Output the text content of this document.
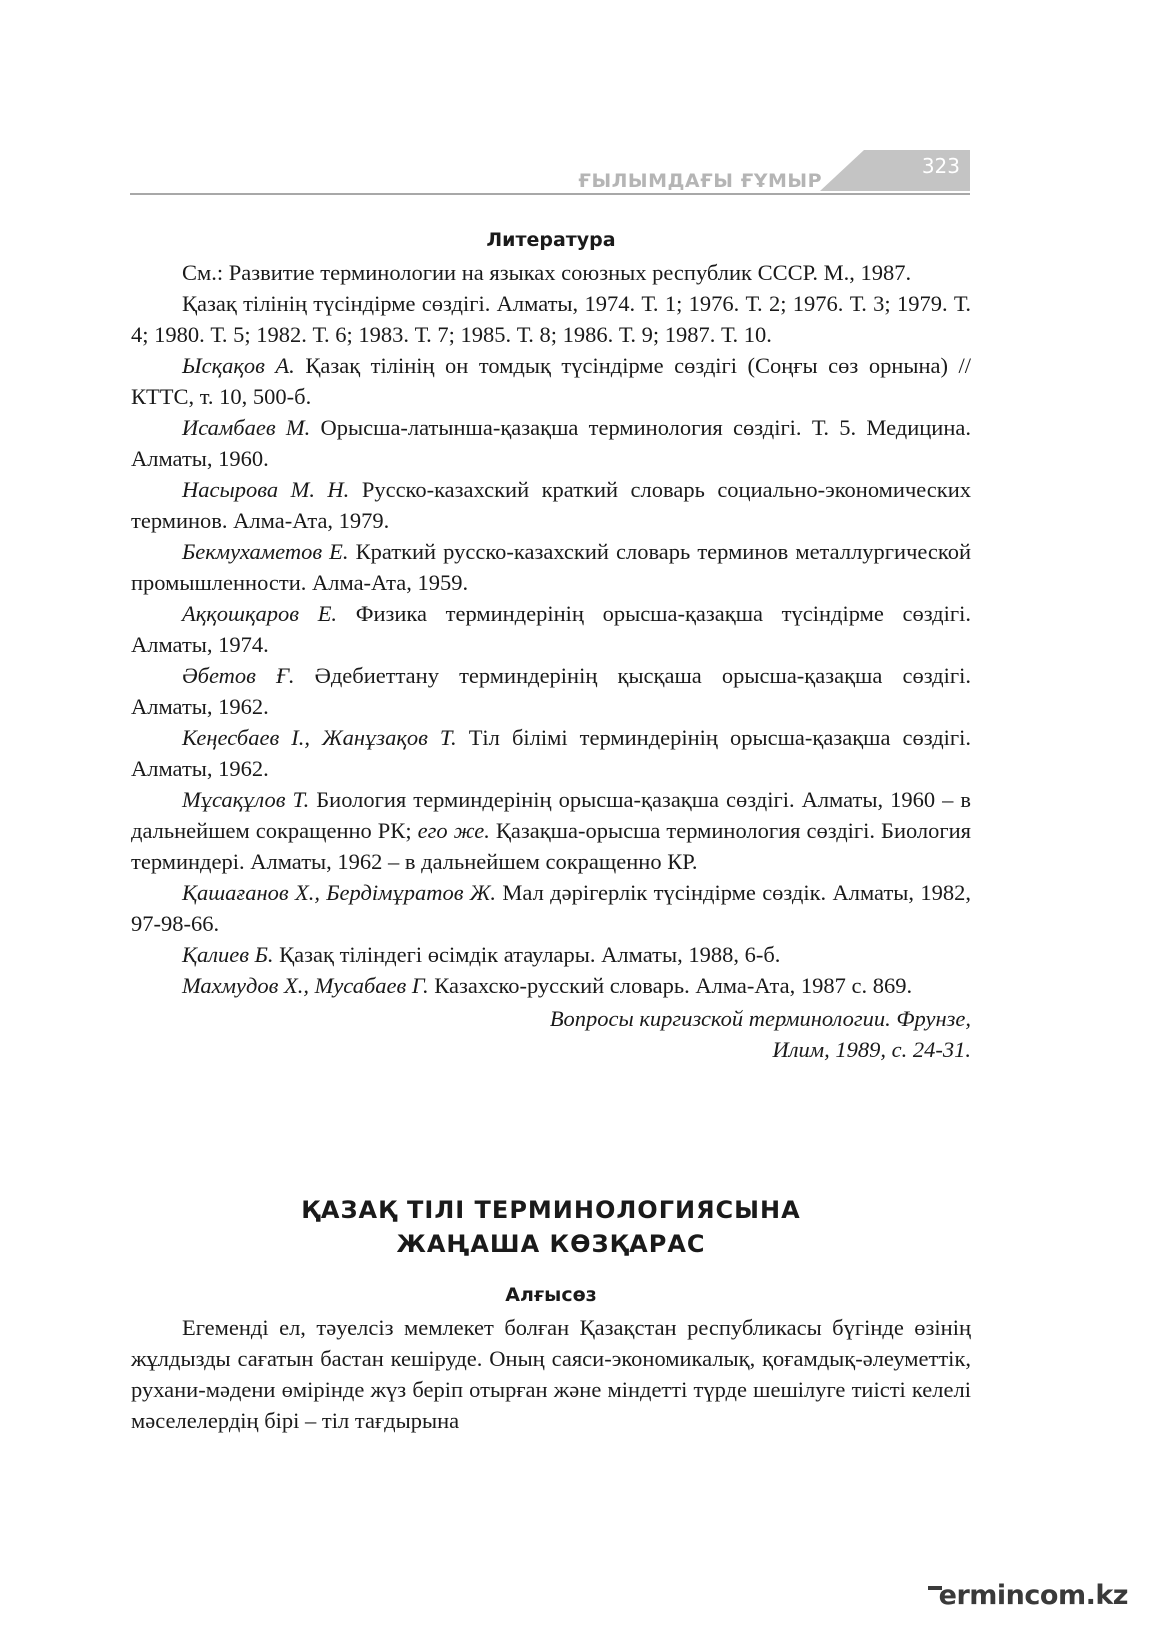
ҒЫЛЫМДАҒЫ ҒҰМЫР
323
Литература

См.: Развитие терминологии на языках союзных республик СССР. М., 1987.

Қазақ тілінің түсіндірме сөздігі. Алматы, 1974. Т. 1; 1976. Т. 2; 1976. Т. 3; 1979. Т. 4; 1980. Т. 5; 1982. Т. 6; 1983. Т. 7; 1985. Т. 8; 1986. Т. 9; 1987. Т. 10.

Ысқақов А. Қазақ тілінің он томдық түсіндірме сөздігі (Соңғы сөз орнына) // КТТС, т. 10, 500-б.

Исамбаев М. Орысша-латынша-қазақша терминология сөздігі. Т. 5. Медицина. Алматы, 1960.

Насырова М. Н. Русско-казахский краткий словарь социально-экономических терминов. Алма-Ата, 1979.

Бекмухаметов Е. Краткий русско-казахский словарь терминов металлургической промышленности. Алма-Ата, 1959.

Аққошқаров Е. Физика терминдерінің орысша-қазақша түсіндірме сөздігі. Алматы, 1974.

Әбетов Ғ. Әдебиеттану терминдерінің қысқаша орысша-қазақша сөздігі. Алматы, 1962.

Кеңесбаев І., Жанұзақов Т. Тіл білімі терминдерінің орысша-қазақша сөздігі. Алматы, 1962.

Мұсақұлов Т. Биология терминдерінің орысша-қазақша сөздігі. Алматы, 1960 – в дальнейшем сокращенно РК; его же. Қазақша-орысша терминология сөздігі. Биология терминдері. Алматы, 1962 – в дальнейшем сокращенно КР.

Қашағанов Х., Бердімұратов Ж. Мал дәрігерлік түсіндірме сөздік. Алматы, 1982, 97-98-66.

Қалиев Б. Қазақ тіліндегі өсімдік атаулары. Алматы, 1988, 6-б.

Махмудов Х., Мусабаев Г. Казахско-русский словарь. Алма-Ата, 1987 с. 869.

Вопросы киргизской терминологии. Фрунзе,
Илим, 1989, с. 24-31.
ҚАЗАҚ ТІЛІ ТЕРМИНОЛОГИЯСЫНА
ЖАҢАША КӨЗҚАРАС
Алғысөз

Егеменді ел, тәуелсіз мемлекет болған Қазақстан республикасы бүгінде өзінің жұлдызды сағатын бастан кешіруде. Оның саяси-экономикалық, қоғамдық-әлеуметтік, рухани-мәдени өмірінде жүз беріп отырған және міндетті түрде шешілуге тиісті келелі мәселелердің бірі – тіл тағдырына

ermincоm.kz
